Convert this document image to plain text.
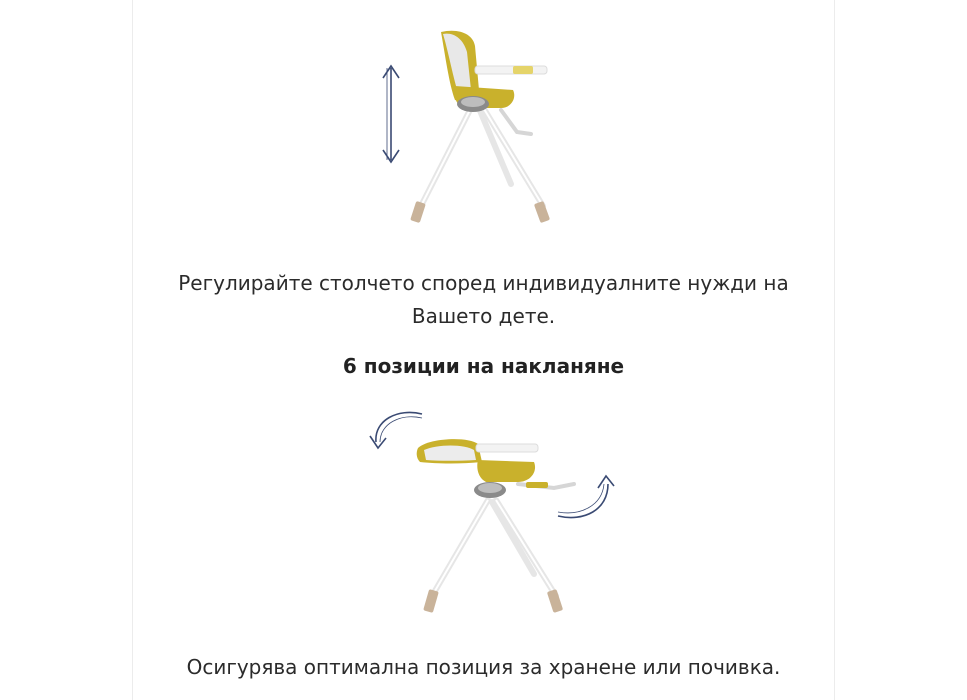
Регулирайте столчето според индивидуалните нужди на
Вашето дете.
6 позиции на накланяне
Осигурява оптимална позиция за хранене или почивка.
